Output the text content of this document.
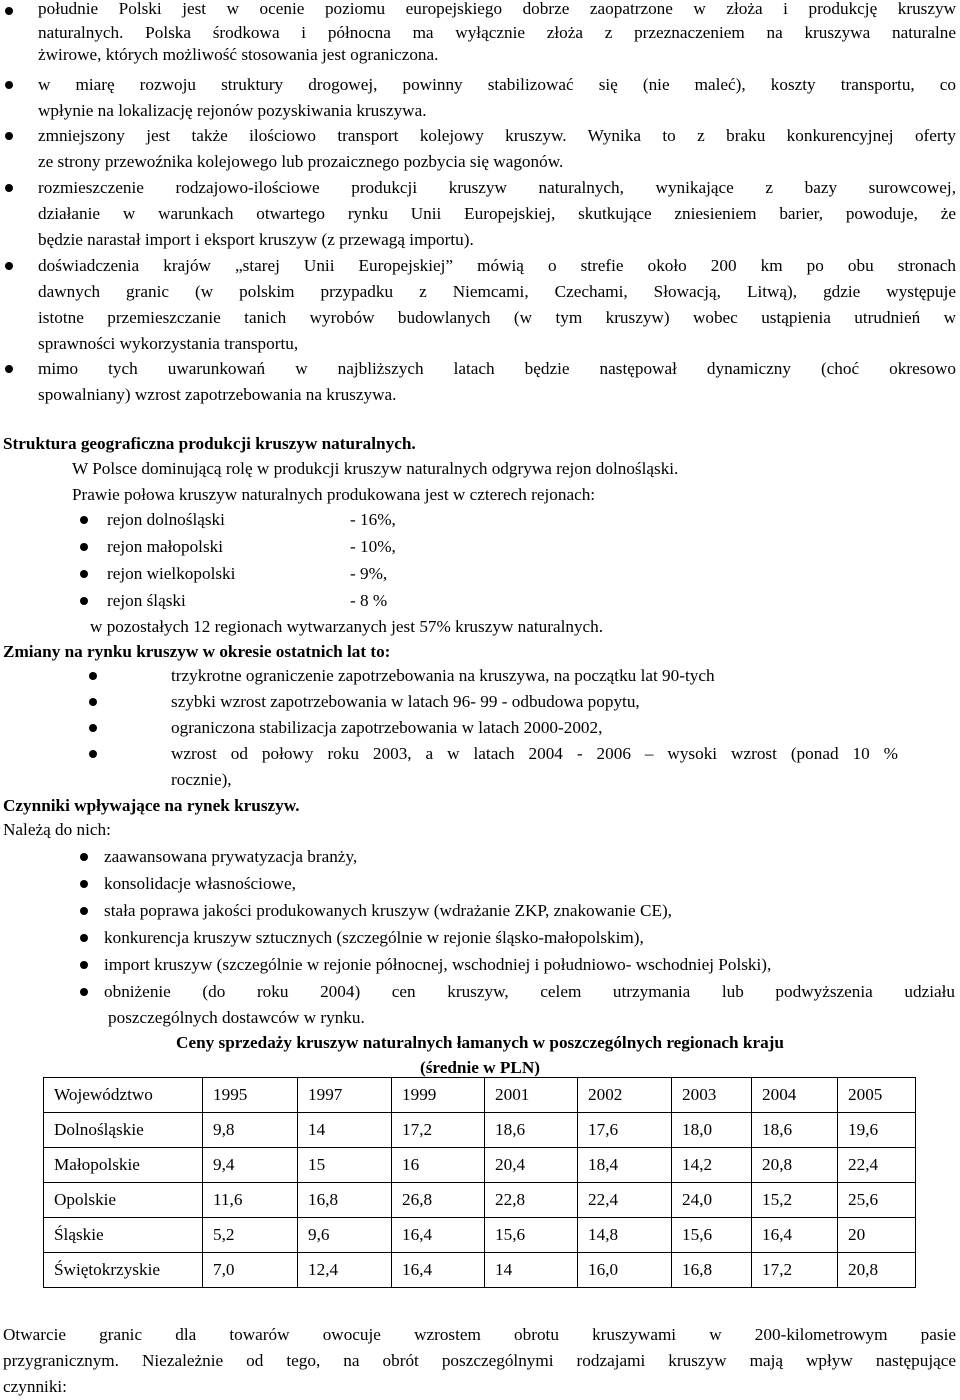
południe Polski jest w ocenie poziomu europejskiego dobrze zaopatrzone w złoża i produkcję kruszyw
naturalnych. Polska środkowa i północna ma wyłącznie złoża z przeznaczeniem na kruszywa naturalne
żwirowe, których możliwość stosowania jest ograniczona.
w miarę rozwoju struktury drogowej, powinny stabilizować się (nie maleć), koszty transportu, co
wpłynie na lokalizację rejonów pozyskiwania kruszywa.
zmniejszony jest także ilościowo transport kolejowy kruszyw. Wynika to z braku konkurencyjnej oferty
ze strony przewoźnika kolejowego lub prozaicznego pozbycia się wagonów.
rozmieszczenie rodzajowo-ilościowe produkcji kruszyw naturalnych, wynikające z bazy surowcowej,
działanie w warunkach otwartego rynku Unii Europejskiej, skutkujące zniesieniem barier, powoduje, że
będzie narastał import i eksport kruszyw (z przewagą importu).
doświadczenia krajów „starej Unii Europejskiej” mówią o strefie około 200 km po obu stronach
dawnych granic (w polskim przypadku z Niemcami, Czechami, Słowacją, Litwą), gdzie występuje
istotne przemieszczanie tanich wyrobów budowlanych (w tym kruszyw) wobec ustąpienia utrudnień w
sprawności wykorzystania transportu,
mimo tych uwarunkowań w najbliższych latach będzie następował dynamiczny (choć okresowo
spowalniany) wzrost zapotrzebowania na kruszywa.
Struktura geograficzna produkcji kruszyw naturalnych.
W Polsce dominującą rolę w produkcji kruszyw naturalnych odgrywa rejon dolnośląski.
Prawie połowa kruszyw naturalnych produkowana jest w czterech rejonach:
rejon dolnośląski	- 16%,
rejon małopolski	- 10%,
rejon wielkopolski	- 9%,
rejon śląski	- 8 %
w pozostałych 12 regionach wytwarzanych jest 57% kruszyw naturalnych.
Zmiany na rynku kruszyw w okresie ostatnich lat to:
trzykrotne ograniczenie zapotrzebowania na kruszywa, na początku lat 90-tych
szybki wzrost zapotrzebowania w latach 96- 99 - odbudowa popytu,
ograniczona stabilizacja zapotrzebowania w latach 2000-2002,
wzrost od połowy roku 2003, a w latach 2004 - 2006 – wysoki wzrost (ponad 10 %
rocznie),
Czynniki wpływające na rynek kruszyw.
Należą do nich:
zaawansowana prywatyzacja branży,
konsolidacje własnościowe,
stała poprawa jakości produkowanych kruszyw (wdrażanie ZKP, znakowanie CE),
konkurencja kruszyw sztucznych (szczególnie w rejonie śląsko-małopolskim),
import kruszyw (szczególnie w rejonie północnej, wschodniej i południowo- wschodniej Polski),
obniżenie (do roku 2004) cen kruszyw, celem utrzymania lub podwyższenia udziału
poszczególnych dostawców w rynku.
Ceny sprzedaży kruszyw naturalnych łamanych w poszczególnych regionach kraju
(średnie w PLN)
Województwo	1995	1997	1999	2001	2002	2003	2004	2005
Dolnośląskie	9,8	14	17,2	18,6	17,6	18,0	18,6	19,6
Małopolskie	9,4	15	16	20,4	18,4	14,2	20,8	22,4
Opolskie	11,6	16,8	26,8	22,8	22,4	24,0	15,2	25,6
Śląskie	5,2	9,6	16,4	15,6	14,8	15,6	16,4	20
Świętokrzyskie	7,0	12,4	16,4	14	16,0	16,8	17,2	20,8
Otwarcie granic dla towarów owocuje wzrostem obrotu kruszywami w 200-kilometrowym pasie
przygranicznym. Niezależnie od tego, na obrót poszczególnymi rodzajami kruszyw mają wpływ następujące
czynniki:
